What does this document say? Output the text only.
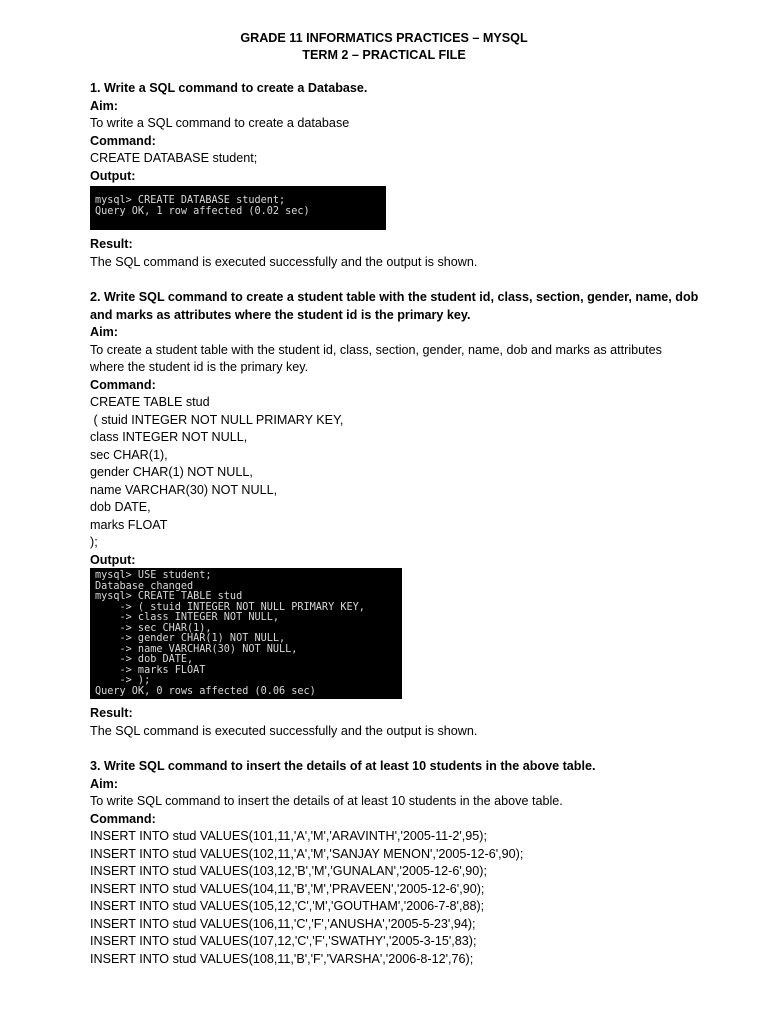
GRADE 11 INFORMATICS PRACTICES – MYSQL
TERM 2 – PRACTICAL FILE
1. Write a SQL command to create a Database.
Aim:
To write a SQL command to create a database
Command:
CREATE DATABASE student;
Output:
mysql> CREATE DATABASE student;
Query OK, 1 row affected (0.02 sec)
Result:
The SQL command is executed successfully and the output is shown.
2. Write SQL command to create a student table with the student id, class, section, gender, name, dob
and marks as attributes where the student id is the primary key.
Aim:
To create a student table with the student id, class, section, gender, name, dob and marks as attributes
where the student id is the primary key.
Command:
CREATE TABLE stud
( stuid INTEGER NOT NULL PRIMARY KEY,
class INTEGER NOT NULL,
sec CHAR(1),
gender CHAR(1) NOT NULL,
name VARCHAR(30) NOT NULL,
dob DATE,
marks FLOAT
);
Output:
mysql> USE student;
Database changed
mysql> CREATE TABLE stud
-> ( stuid INTEGER NOT NULL PRIMARY KEY,
-> class INTEGER NOT NULL,
-> sec CHAR(1),
-> gender CHAR(1) NOT NULL,
-> name VARCHAR(30) NOT NULL,
-> dob DATE,
-> marks FLOAT
-> );
Query OK, 0 rows affected (0.06 sec)
Result:
The SQL command is executed successfully and the output is shown.
3. Write SQL command to insert the details of at least 10 students in the above table.
Aim:
To write SQL command to insert the details of at least 10 students in the above table.
Command:
INSERT INTO stud VALUES(101,11,'A','M','ARAVINTH','2005-11-2',95);
INSERT INTO stud VALUES(102,11,'A','M','SANJAY MENON','2005-12-6',90);
INSERT INTO stud VALUES(103,12,'B','M','GUNALAN','2005-12-6',90);
INSERT INTO stud VALUES(104,11,'B','M','PRAVEEN','2005-12-6',90);
INSERT INTO stud VALUES(105,12,'C','M','GOUTHAM','2006-7-8',88);
INSERT INTO stud VALUES(106,11,'C','F','ANUSHA','2005-5-23',94);
INSERT INTO stud VALUES(107,12,'C','F','SWATHY','2005-3-15',83);
INSERT INTO stud VALUES(108,11,'B','F','VARSHA','2006-8-12',76);
